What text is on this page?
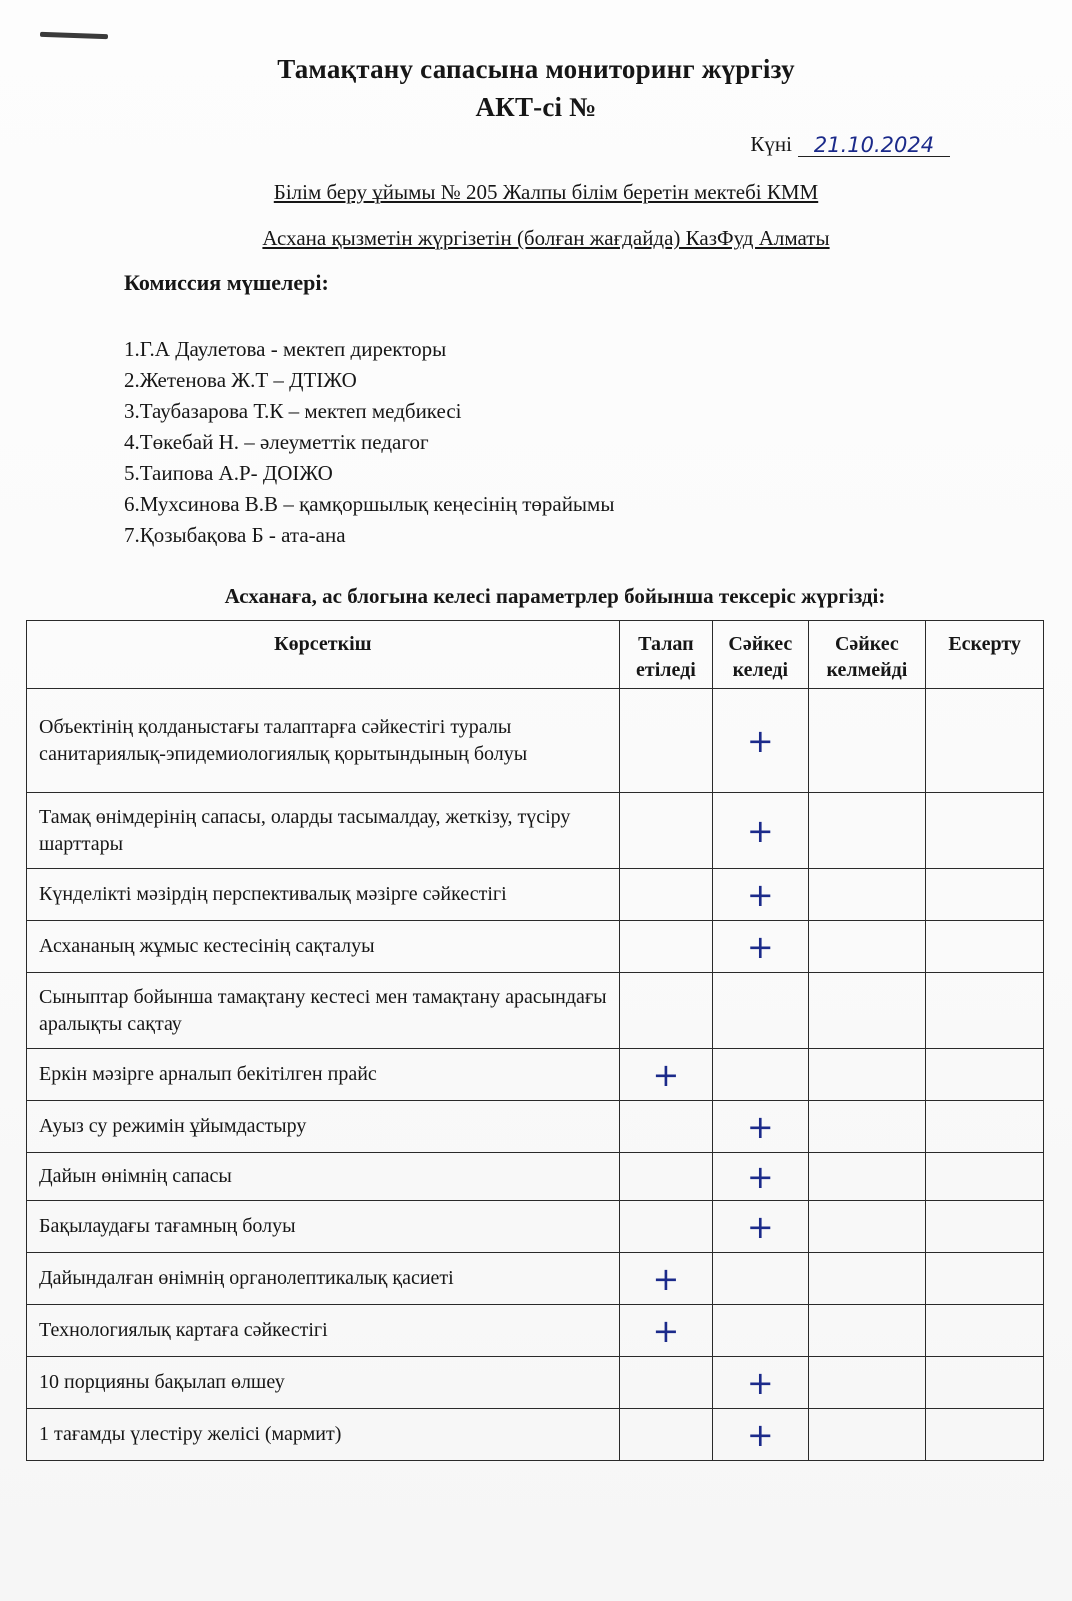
Тамақтану сапасына мониторинг жүргізу
АКТ-сі №
Күні	21.10.2024
Білім беру ұйымы № 205 Жалпы білім беретін мектебі КММ
Асхана қызметін жүргізетін (болған жағдайда) КазФуд Алматы
Комиссия мүшелері:
1.Г.А Даулетова - мектеп директоры
2.Жетенова Ж.Т – ДТІЖО
3.Таубазарова Т.К – мектеп медбикесі
4.Төкебай Н. – әлеуметтік педагог
5.Таипова А.Р- ДОІЖО
6.Мухсинова В.В – қамқоршылық кеңесінің төрайымы
7.Қозыбақова Б - ата-ана
Асханаға, ас блогына келесі параметрлер бойынша тексеріс жүргізді:
Көрсеткіш	Талап етіледі	Сәйкес келеді	Сәйкес келмейді	Ескерту
Объектінің қолданыстағы талаптарға сәйкестігі туралы санитариялық-эпидемиологиялық қорытындының болуы		+		
Тамақ өнімдерінің сапасы, оларды тасымалдау, жеткізу, түсіру шарттары		+		
Күнделікті мәзірдің перспективалық мәзірге сәйкестігі		+		
Асхананың жұмыс кестесінің сақталуы		+		
Сыныптар бойынша тамақтану кестесі мен тамақтану арасындағы аралықты сақтау				
Еркін мәзірге арналып бекітілген прайс	+			
Ауыз су режимін ұйымдастыру		+		
Дайын өнімнің сапасы		+		
Бақылаудағы тағамның болуы		+		
Дайындалған өнімнің органолептикалық қасиеті	+			
Технологиялық картаға сәйкестігі	+			
10 порцияны бақылап өлшеу		+		
1 тағамды үлестіру желісі (мармит)		+		
